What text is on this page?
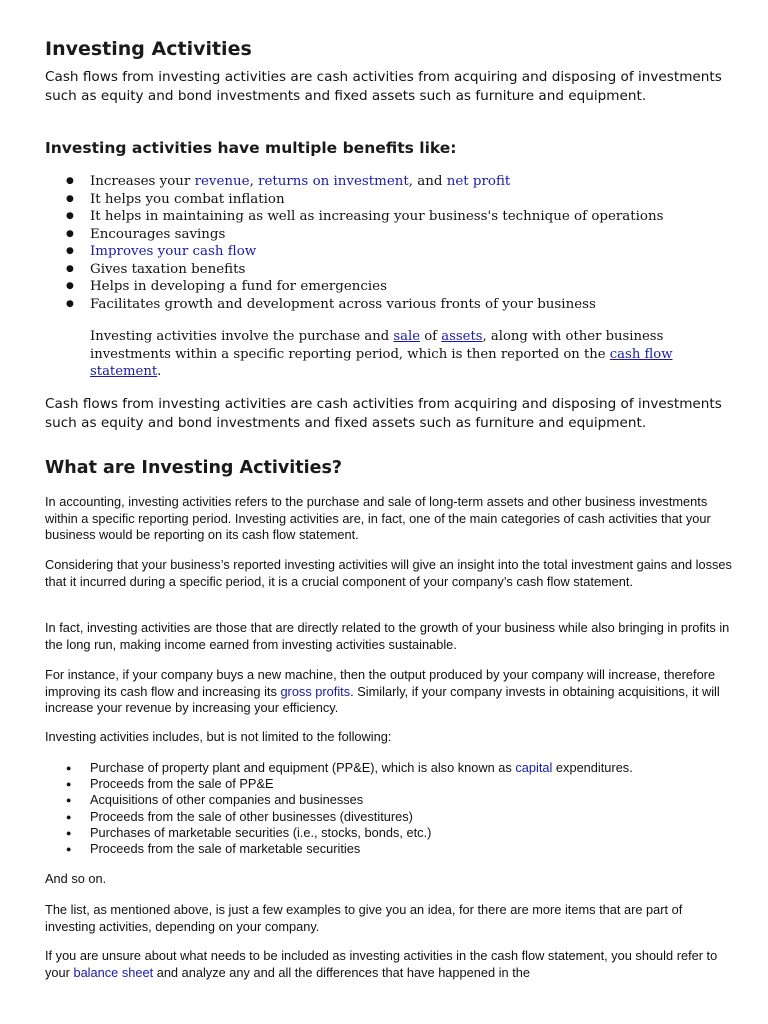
Investing Activities

Cash flows from investing activities are cash activities from acquiring and disposing of investments such as equity and bond investments and fixed assets such as furniture and equipment.

Investing activities have multiple benefits like:
● Increases your revenue, returns on investment, and net profit
● It helps you combat inflation
● It helps in maintaining as well as increasing your business's technique of operations
● Encourages savings
● Improves your cash flow
● Gives taxation benefits
● Helps in developing a fund for emergencies
● Facilitates growth and development across various fronts of your business

Investing activities involve the purchase and sale of assets, along with other business investments within a specific reporting period, which is then reported on the cash flow statement.

Cash flows from investing activities are cash activities from acquiring and disposing of investments such as equity and bond investments and fixed assets such as furniture and equipment.

What are Investing Activities?

In accounting, investing activities refers to the purchase and sale of long-term assets and other business investments within a specific reporting period. Investing activities are, in fact, one of the main categories of cash activities that your business would be reporting on its cash flow statement.

Considering that your business’s reported investing activities will give an insight into the total investment gains and losses that it incurred during a specific period, it is a crucial component of your company’s cash flow statement.

In fact, investing activities are those that are directly related to the growth of your business while also bringing in profits in the long run, making income earned from investing activities sustainable.

For instance, if your company buys a new machine, then the output produced by your company will increase, therefore improving its cash flow and increasing its gross profits. Similarly, if your company invests in obtaining acquisitions, it will increase your revenue by increasing your efficiency.

Investing activities includes, but is not limited to the following:

● Purchase of property plant and equipment (PP&E), which is also known as capital expenditures.
● Proceeds from the sale of PP&E
● Acquisitions of other companies and businesses
● Proceeds from the sale of other businesses (divestitures)
● Purchases of marketable securities (i.e., stocks, bonds, etc.)
● Proceeds from the sale of marketable securities

And so on.

The list, as mentioned above, is just a few examples to give you an idea, for there are more items that are part of investing activities, depending on your company.

If you are unsure about what needs to be included as investing activities in the cash flow statement, you should refer to your balance sheet and analyze any and all the differences that have happened in the
